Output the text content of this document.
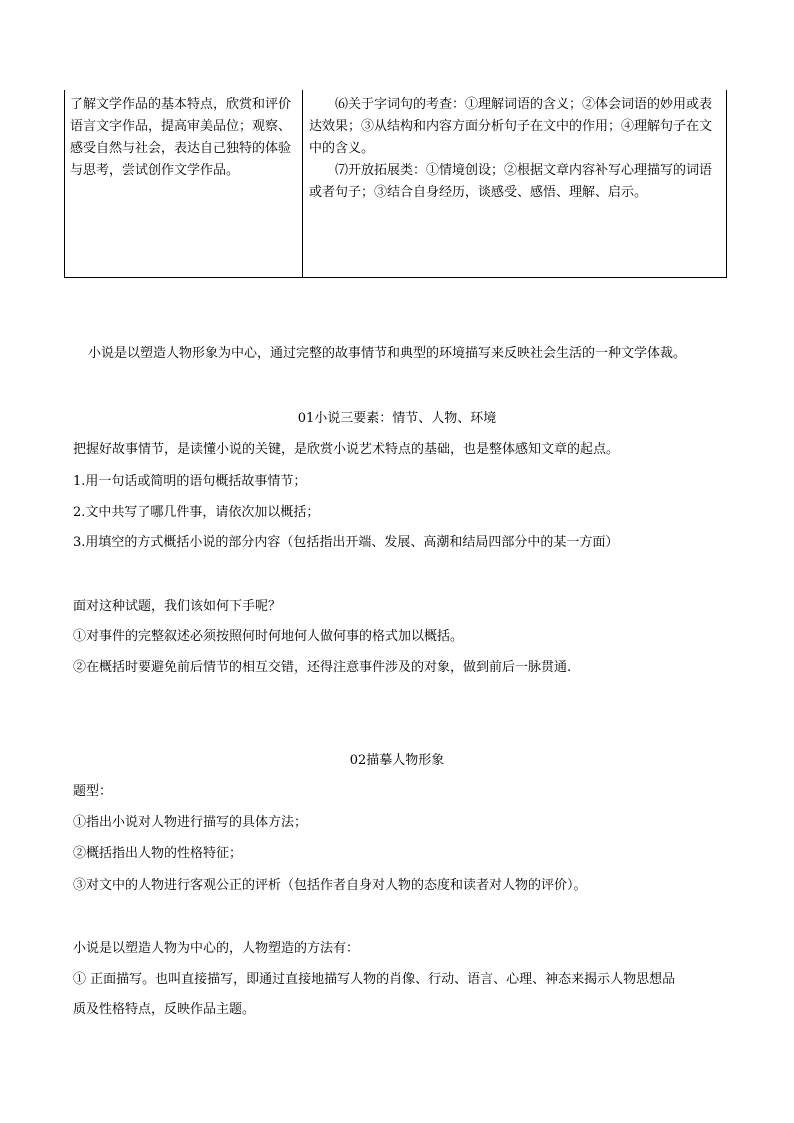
了解文学作品的基本特点，欣赏和评价语言文字作品，提高审美品位；观察、感受自然与社会，表达自己独特的体验与思考，尝试创作文学作品。

⑹关于字词句的考查：①理解词语的含义；②体会词语的妙用或表达效果；③从结构和内容方面分析句子在文中的作用；④理解句子在文中的含义。

⑺开放拓展类：①情境创设；②根据文章内容补写心理描写的词语或者句子；③结合自身经历，谈感受、感悟、理解、启示。

小说是以塑造人物形象为中心，通过完整的故事情节和典型的环境描写来反映社会生活的一种文学体裁。
01小说三要素：情节、人物、环境
把握好故事情节，是读懂小说的关键，是欣赏小说艺术特点的基础，也是整体感知文章的起点。
1.用一句话或简明的语句概括故事情节；
2.文中共写了哪几件事，请依次加以概括；
3.用填空的方式概括小说的部分内容（包括指出开端、发展、高潮和结局四部分中的某一方面）
面对这种试题，我们该如何下手呢？
①对事件的完整叙述必须按照何时何地何人做何事的格式加以概括。
②在概括时要避免前后情节的相互交错，还得注意事件涉及的对象，做到前后一脉贯通.
02描摹人物形象
题型：
①指出小说对人物进行描写的具体方法；
②概括指出人物的性格特征；
③对文中的人物进行客观公正的评析（包括作者自身对人物的态度和读者对人物的评价）。
小说是以塑造人物为中心的，人物塑造的方法有：
① 正面描写。也叫直接描写，即通过直接地描写人物的肖像、行动、语言、心理、神态来揭示人物思想品
质及性格特点，反映作品主题。
